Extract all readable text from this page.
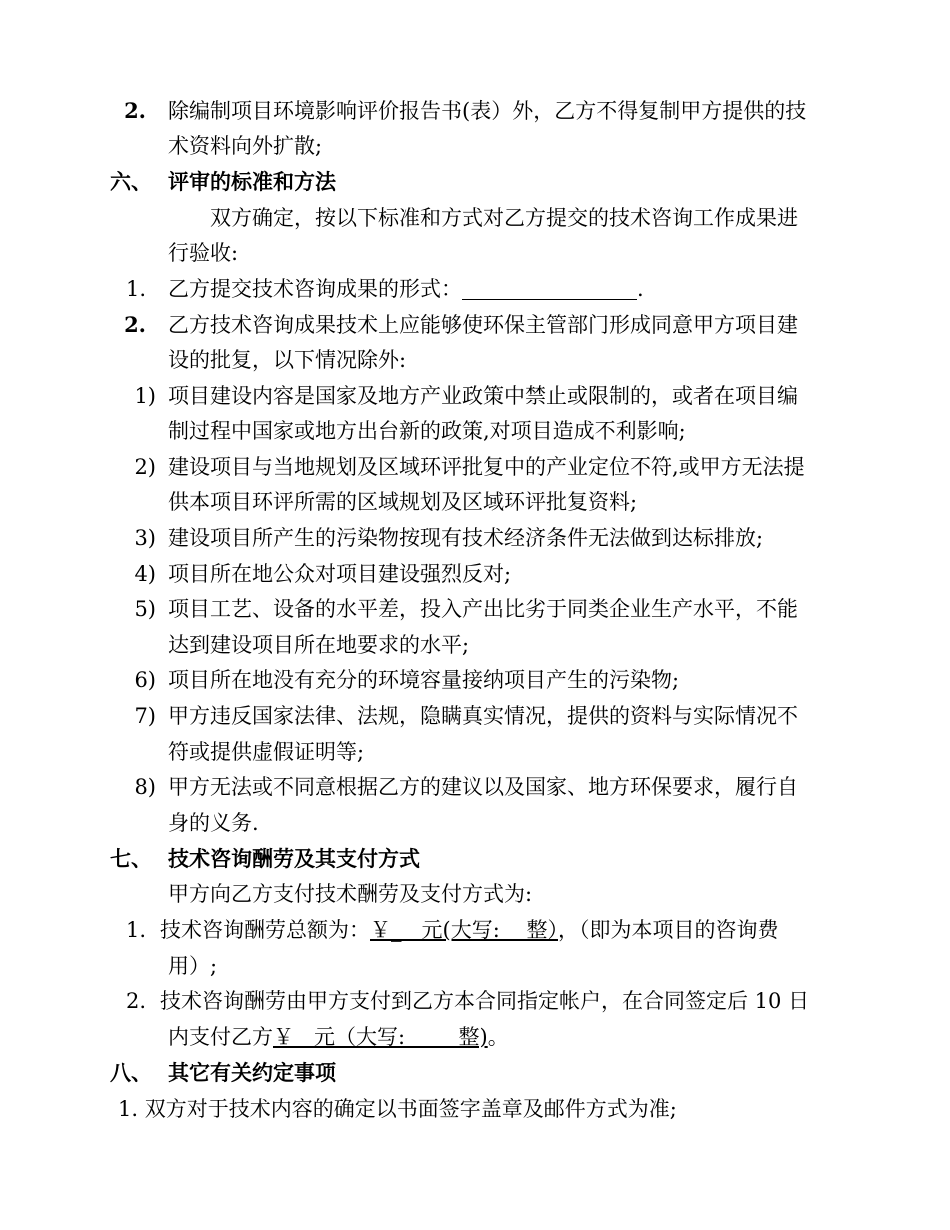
2. 除编制项目环境影响评价报告书(表）外，乙方不得复制甲方提供的技
术资料向外扩散;
六、 评审的标准和方法
双方确定，按以下标准和方式对乙方提交的技术咨询工作成果进
行验收:
1. 乙方提交技术咨询成果的形式：	.
2. 乙方技术咨询成果技术上应能够使环保主管部门形成同意甲方项目建
设的批复，以下情况除外:
1) 项目建设内容是国家及地方产业政策中禁止或限制的，或者在项目编
制过程中国家或地方出台新的政策,对项目造成不利影响;
2) 建设项目与当地规划及区域环评批复中的产业定位不符,或甲方无法提
供本项目环评所需的区域规划及区域环评批复资料;
3) 建设项目所产生的污染物按现有技术经济条件无法做到达标排放;
4) 项目所在地公众对项目建设强烈反对;
5) 项目工艺、设备的水平差，投入产出比劣于同类企业生产水平，不能
达到建设项目所在地要求的水平;
6) 项目所在地没有充分的环境容量接纳项目产生的污染物;
7) 甲方违反国家法律、法规，隐瞒真实情况，提供的资料与实际情况不
符或提供虚假证明等;
8) 甲方无法或不同意根据乙方的建议以及国家、地方环保要求，履行自
身的义务.
七、 技术咨询酬劳及其支付方式
甲方向乙方支付技术酬劳及支付方式为:
1. 技术咨询酬劳总额为：￥_   元(大写:    整），（即为本项目的咨询费
用）;
2. 技术咨询酬劳由甲方支付到乙方本合同指定帐户，在合同签定后 10 日
内支付乙方￥   元（大写:        整)。
八、 其它有关约定事项
1. 双方对于技术内容的确定以书面签字盖章及邮件方式为准;
